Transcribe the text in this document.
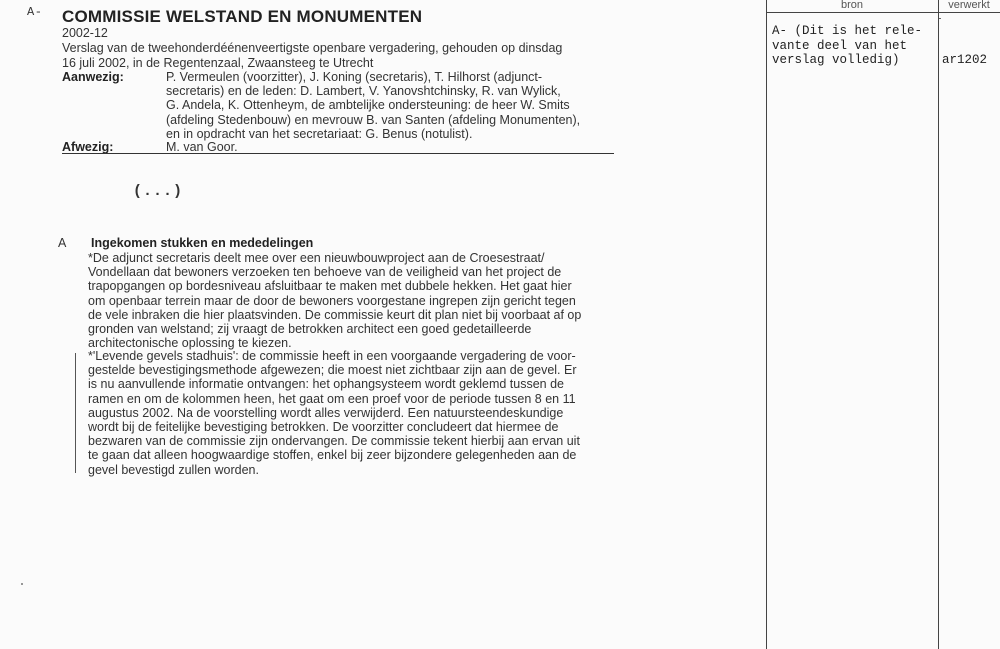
A- COMMISSIE WELSTAND EN MONUMENTEN
2002-12
Verslag van de tweehonderdéénenveertigste openbare vergadering, gehouden op dinsdag
16 juli 2002, in de Regentenzaal, Zwaansteeg te Utrecht
Aanwezig:	P. Vermeulen (voorzitter), J. Koning (secretaris), T. Hilhorst (adjunct-
secretaris) en de leden: D. Lambert, V. Yanovshtchinsky, R. van Wylick,
G. Andela, K. Ottenheym, de ambtelijke ondersteuning: de heer W. Smits
(afdeling Stedenbouw) en mevrouw B. van Santen (afdeling Monumenten),
en in opdracht van het secretariaat: G. Benus (notulist).
Afwezig:	M. van Goor.
(...)
A Ingekomen stukken en mededelingen
*De adjunct secretaris deelt mee over een nieuwbouwproject aan de Croesestraat/
Vondellaan dat bewoners verzoeken ten behoeve van de veiligheid van het project de
trapopgangen op bordesniveau afsluitbaar te maken met dubbele hekken. Het gaat hier
om openbaar terrein maar de door de bewoners voorgestane ingrepen zijn gericht tegen
de vele inbraken die hier plaatsvinden. De commissie keurt dit plan niet bij voorbaat af op
gronden van welstand; zij vraagt de betrokken architect een goed gedetailleerde
architectonische oplossing te kiezen.
*'Levende gevels stadhuis': de commissie heeft in een voorgaande vergadering de voor-
gestelde bevestigingsmethode afgewezen; die moest niet zichtbaar zijn aan de gevel. Er
is nu aanvullende informatie ontvangen: het ophangsysteem wordt geklemd tussen de
ramen en om de kolommen heen, het gaat om een proef voor de periode tussen 8 en 11
augustus 2002. Na de voorstelling wordt alles verwijderd. Een natuursteendeskundige
wordt bij de feitelijke bevestiging betrokken. De voorzitter concludeert dat hiermee de
bezwaren van de commissie zijn ondervangen. De commissie tekent hierbij aan ervan uit
te gaan dat alleen hoogwaardige stoffen, enkel bij zeer bijzondere gelegenheden aan de
gevel bevestigd zullen worden.
bron	verwerkt
A- (Dit is het rele-
vante deel van het
verslag volledig)	ar1202
